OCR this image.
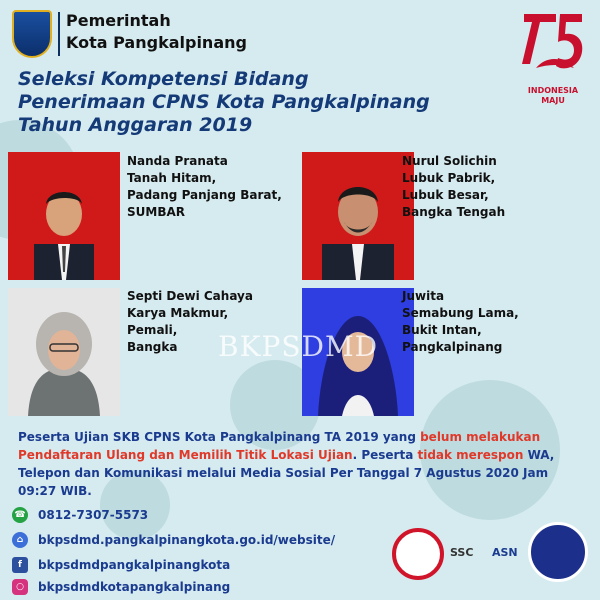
Pemerintah
Kota Pangkalpinang
INDONESIA
MAJU
Seleksi Kompetensi Bidang
Penerimaan CPNS Kota Pangkalpinang
Tahun Anggaran 2019
Nanda Pranata
Tanah Hitam,
Padang Panjang Barat,
SUMBAR
Nurul Solichin
Lubuk Pabrik,
Lubuk Besar,
Bangka Tengah
Septi Dewi Cahaya
Karya Makmur,
Pemali,
Bangka
Juwita
Semabung Lama,
Bukit Intan,
Pangkalpinang
BKPSDMD
Peserta Ujian SKB CPNS Kota Pangkalpinang TA 2019 yang belum melakukan Pendaftaran Ulang dan Memilih Titik Lokasi Ujian. Peserta tidak merespon WA, Telepon dan Komunikasi melalui Media Sosial Per Tanggal 7 Agustus 2020 Jam 09:27 WIB.
☎ 0812-7307-5573
⌂	bkpsdmd.pangkalpinangkota.go.id/website/
f	bkpsdmdpangkalpinangkota
○	bkpsdmdkotapangkalpinang
SSC ASN
